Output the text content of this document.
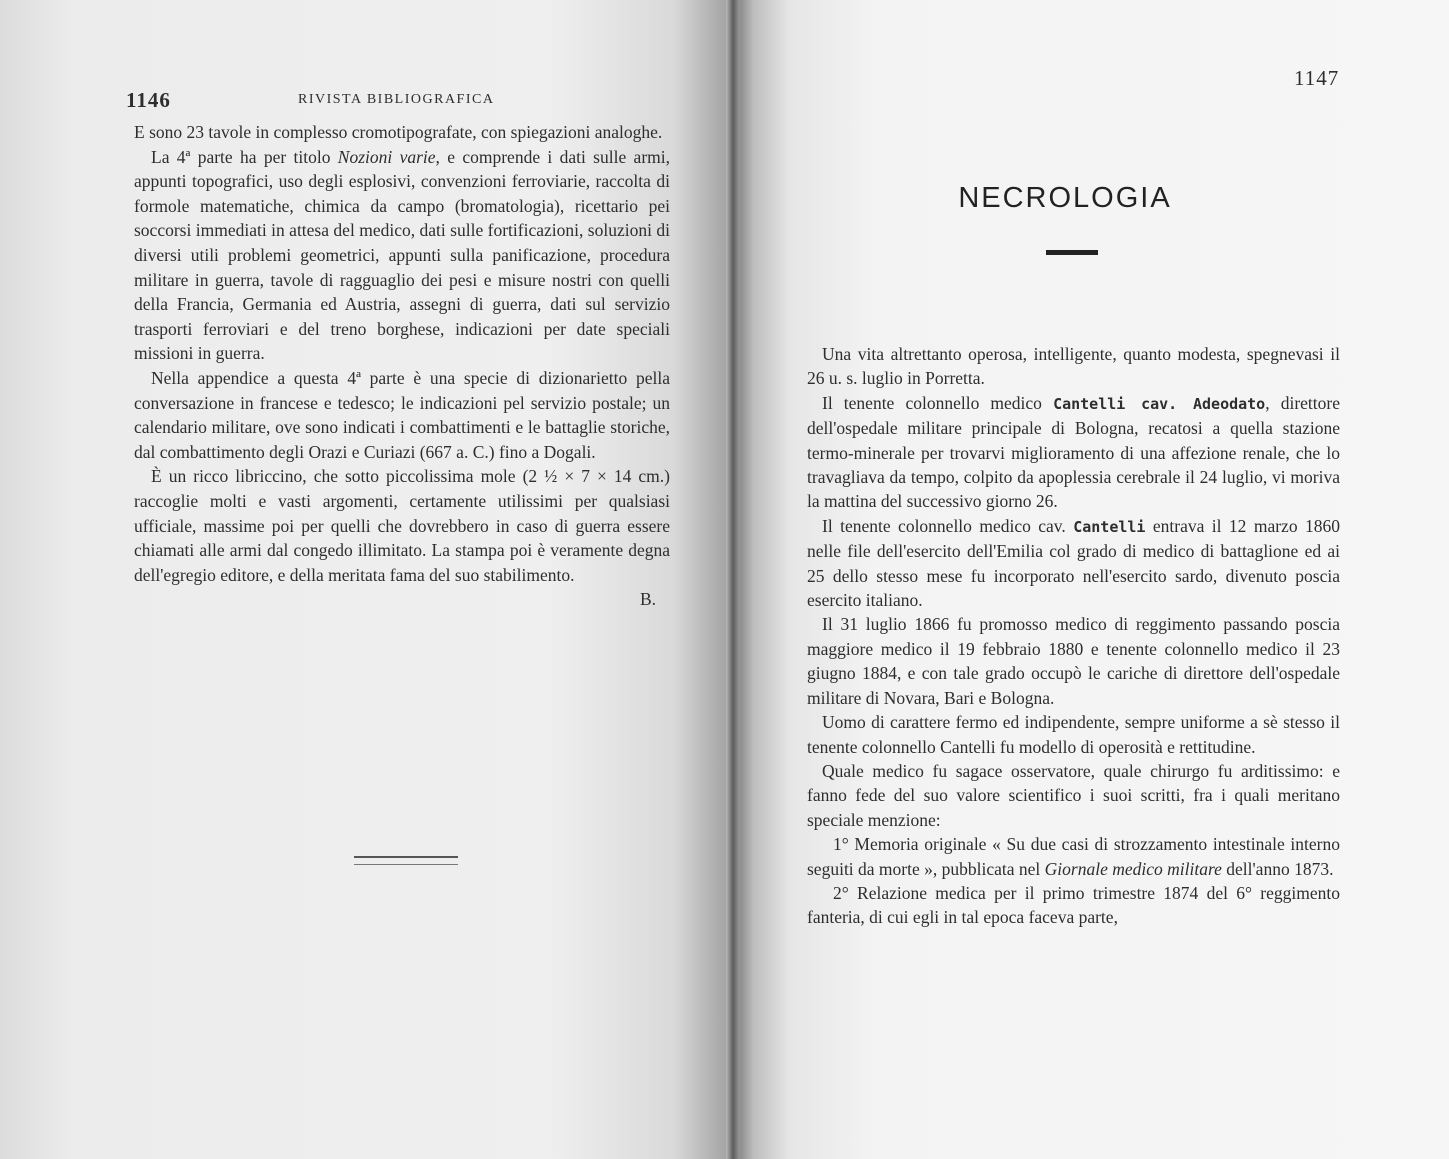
1146	RIVISTA BIBLIOGRAFICA

E sono 23 tavole in complesso cromotipografate, con spiegazioni analoghe.

La 4ª parte ha per titolo Nozioni varie, e comprende i dati sulle armi, appunti topografici, uso degli esplosivi, convenzioni ferroviarie, raccolta di formole matematiche, chimica da campo (bromatologia), ricettario pei soccorsi immediati in attesa del medico, dati sulle fortificazioni, soluzioni di diversi utili problemi geometrici, appunti sulla panificazione, procedura militare in guerra, tavole di ragguaglio dei pesi e misure nostri con quelli della Francia, Germania ed Austria, assegni di guerra, dati sul servizio trasporti ferroviari e del treno borghese, indicazioni per date speciali missioni in guerra.

Nella appendice a questa 4ª parte è una specie di dizionarietto pella conversazione in francese e tedesco; le indicazioni pel servizio postale; un calendario militare, ove sono indicati i combattimenti e le battaglie storiche, dal combattimento degli Orazi e Curiazi (667 a. C.) fino a Dogali.

È un ricco libriccino, che sotto piccolissima mole (2 ½ × 7 × 14 cm.) raccoglie molti e vasti argomenti, certamente utilissimi per qualsiasi ufficiale, massime poi per quelli che dovrebbero in caso di guerra essere chiamati alle armi dal congedo illimitato. La stampa poi è veramente degna dell'egregio editore, e della meritata fama del suo stabilimento.

B.

1147
NECROLOGIA

Una vita altrettanto operosa, intelligente, quanto modesta, spegnevasi il 26 u. s. luglio in Porretta.

Il tenente colonnello medico Cantelli cav. Adeodato, direttore dell'ospedale militare principale di Bologna, recatosi a quella stazione termo-minerale per trovarvi miglioramento di una affezione renale, che lo travagliava da tempo, colpito da apoplessia cerebrale il 24 luglio, vi moriva la mattina del successivo giorno 26.

Il tenente colonnello medico cav. Cantelli entrava il 12 marzo 1860 nelle file dell'esercito dell'Emilia col grado di medico di battaglione ed ai 25 dello stesso mese fu incorporato nell'esercito sardo, divenuto poscia esercito italiano.

Il 31 luglio 1866 fu promosso medico di reggimento passando poscia maggiore medico il 19 febbraio 1880 e tenente colonnello medico il 23 giugno 1884, e con tale grado occupò le cariche di direttore dell'ospedale militare di Novara, Bari e Bologna.

Uomo di carattere fermo ed indipendente, sempre uniforme a sè stesso il tenente colonnello Cantelli fu modello di operosità e rettitudine.

Quale medico fu sagace osservatore, quale chirurgo fu arditissimo: e fanno fede del suo valore scientifico i suoi scritti, fra i quali meritano speciale menzione:

1° Memoria originale « Su due casi di strozzamento intestinale interno seguiti da morte », pubblicata nel Giornale medico militare dell'anno 1873.

2° Relazione medica per il primo trimestre 1874 del 6° reggimento fanteria, di cui egli in tal epoca faceva parte,
